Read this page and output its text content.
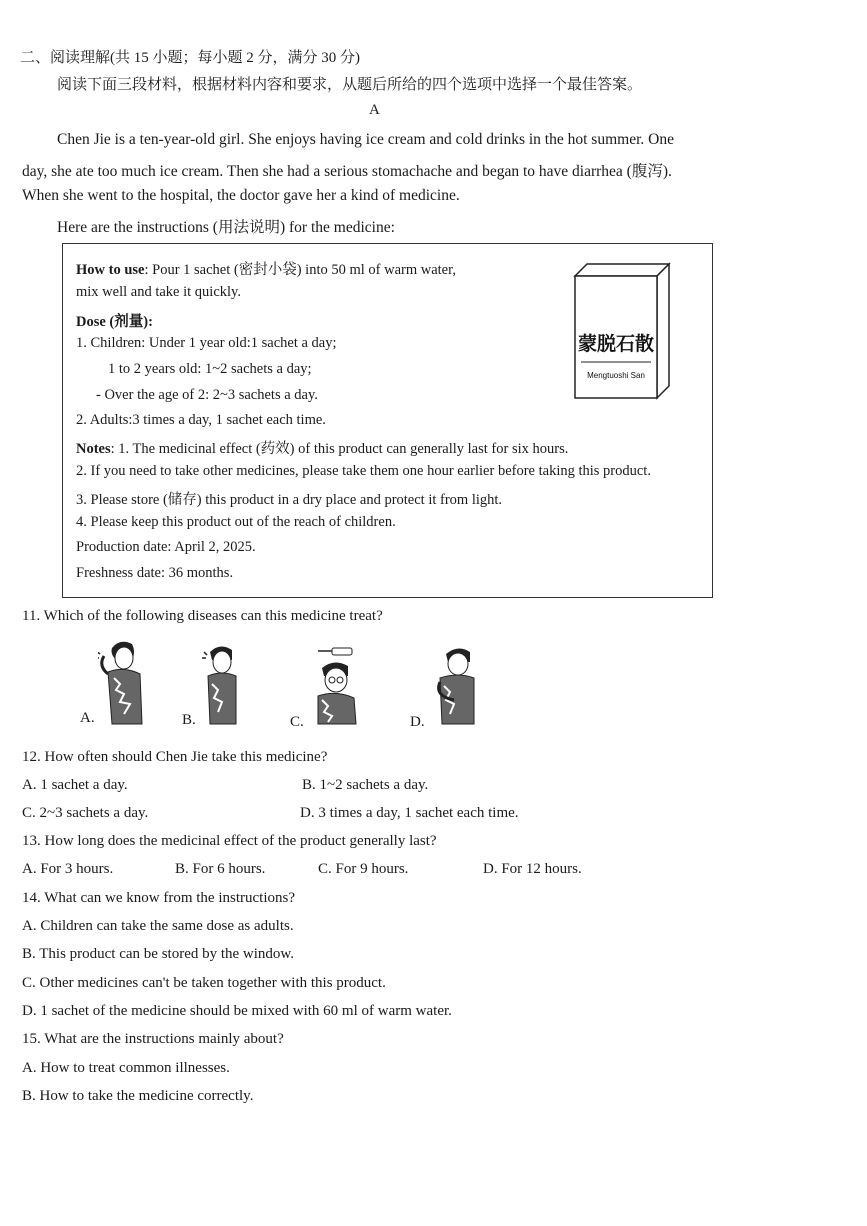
二、阅读理解(共 15 小题；每小题 2 分，满分 30 分)
阅读下面三段材料，根据材料内容和要求，从题后所给的四个选项中选择一个最佳答案。
A
Chen Jie is a ten-year-old girl. She enjoys having ice cream and cold drinks in the hot summer. One
day, she ate too much ice cream. Then she had a serious stomachache and began to have diarrhea (腹泻).
When she went to the hospital, the doctor gave her a kind of medicine.
Here are the instructions (用法说明) for the medicine:
How to use: Pour 1 sachet (密封小袋) into 50 ml of warm water,
mix well and take it quickly.
Dose (剂量):
1. Children: Under 1 year old:1 sachet a day;
1 to 2 years old: 1~2 sachets a day;
- Over the age of 2: 2~3 sachets a day.
2. Adults:3 times a day, 1 sachet each time.
Notes: 1. The medicinal effect (药效) of this product can generally last for six hours.
2. If you need to take other medicines, please take them one hour earlier before taking this product.
3. Please store (储存) this product in a dry place and protect it from light.
4. Please keep this product out of the reach of children.
Production date: April 2, 2025.
Freshness date: 36 months.
蒙脱石散
Mengtuoshi San
11. Which of the following diseases can this medicine treat?
A.	B.	C.	D.
12. How often should Chen Jie take this medicine?
A. 1 sachet a day.	B. 1~2 sachets a day.
C. 2~3 sachets a day.	D. 3 times a day, 1 sachet each time.
13. How long does the medicinal effect of the product generally last?
A. For 3 hours.	B. For 6 hours.	C. For 9 hours.	D. For 12 hours.
14. What can we know from the instructions?
A. Children can take the same dose as adults.
B. This product can be stored by the window.
C. Other medicines can't be taken together with this product.
D. 1 sachet of the medicine should be mixed with 60 ml of warm water.
15. What are the instructions mainly about?
A. How to treat common illnesses.
B. How to take the medicine correctly.
